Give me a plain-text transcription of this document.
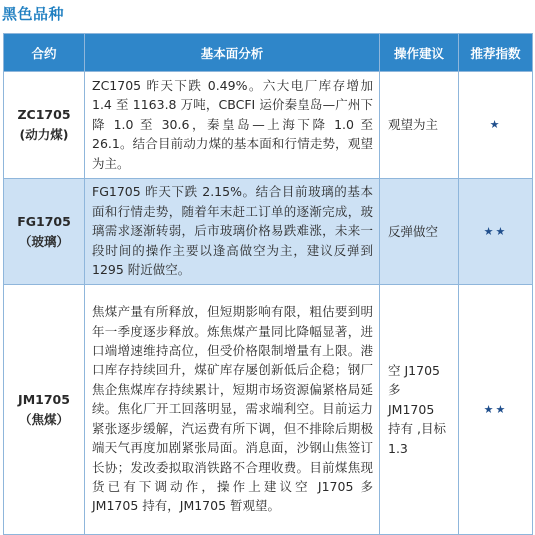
黑色品种
合约	基本面分析	操作建议	推荐指数

ZC1705
(动力煤)	ZC1705 昨天下跌 0.49%。六大电厂库存增加 1.4 至 1163.8 万吨，CBCFI 运价秦皇岛—广州下降 1.0 至 30.6，秦皇岛—上海下降 1.0 至 26.1。结合目前动力煤的基本面和行情走势，观望为主。	观望为主	★

FG1705
（玻璃）	FG1705 昨天下跌 2.15%。结合目前玻璃的基本面和行情走势，随着年末赶工订单的逐渐完成，玻璃需求逐渐转弱，后市玻璃价格易跌难涨，未来一段时间的操作主要以逢高做空为主，建议反弹到 1295 附近做空。	反弹做空	★★

JM1705
（焦煤）	焦煤产量有所释放，但短期影响有限，粗估要到明年一季度逐步释放。炼焦煤产量同比降幅显著，进口端增速维持高位，但受价格限制增量有上限。港口库存持续回升，煤矿库存屡创新低后企稳；钢厂焦企焦煤库存持续累计，短期市场资源偏紧格局延续。焦化厂开工回落明显，需求端利空。目前运力紧张逐步缓解，汽运费有所下调，但不排除后期极端天气再度加剧紧张局面。消息面，沙钢山焦签订长协；发改委拟取消铁路不合理收费。目前煤焦现货已有下调动作，操作上建议空 J1705 多 JM1705 持有，JM1705 暂观望。	空 J1705 多 JM1705 持有 ,目标 1.3	★★
